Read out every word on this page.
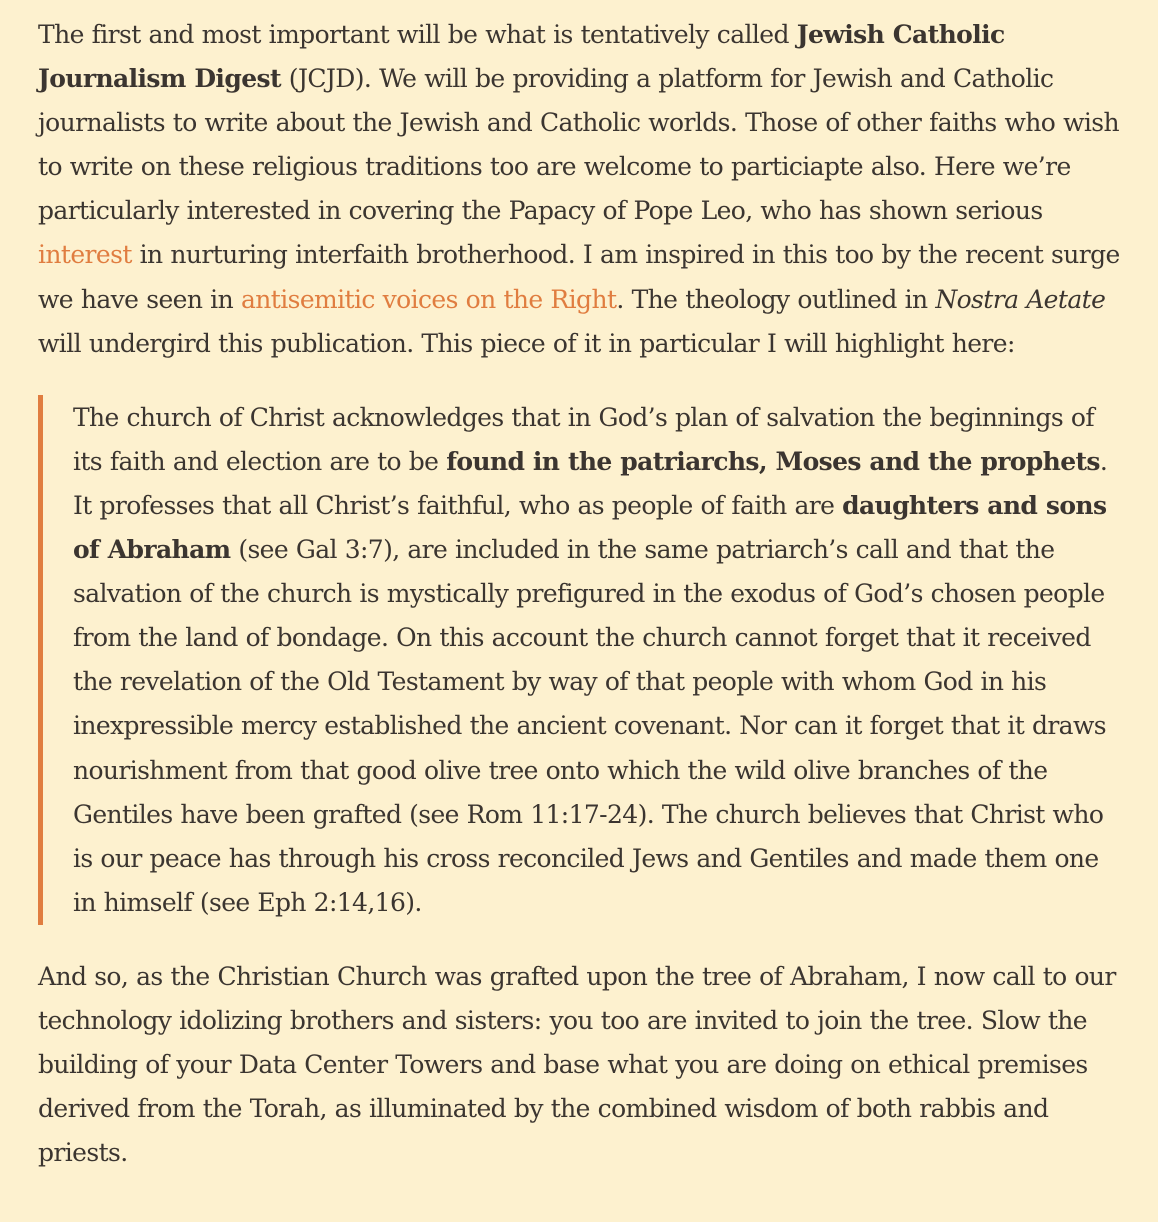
The first and most important will be what is tentatively called Jewish Catholic Journalism Digest (JCJD). We will be providing a platform for Jewish and Catholic journalists to write about the Jewish and Catholic worlds. Those of other faiths who wish to write on these religious traditions too are welcome to particiapte also. Here we’re particularly interested in covering the Papacy of Pope Leo, who has shown serious interest in nurturing interfaith brotherhood. I am inspired in this too by the recent surge we have seen in antisemitic voices on the Right. The theology outlined in Nostra Aetate will undergird this publication. This piece of it in particular I will highlight here:

The church of Christ acknowledges that in God’s plan of salvation the beginnings of its faith and election are to be found in the patriarchs, Moses and the prophets. It professes that all Christ’s faithful, who as people of faith are daughters and sons of Abraham (see Gal 3:7), are included in the same patriarch’s call and that the salvation of the church is mystically prefigured in the exodus of God’s chosen people from the land of bondage. On this account the church cannot forget that it received the revelation of the Old Testament by way of that people with whom God in his inexpressible mercy established the ancient covenant. Nor can it forget that it draws nourishment from that good olive tree onto which the wild olive branches of the Gentiles have been grafted (see Rom 11:17-24). The church believes that Christ who is our peace has through his cross reconciled Jews and Gentiles and made them one in himself (see Eph 2:14,16).

And so, as the Christian Church was grafted upon the tree of Abraham, I now call to our technology idolizing brothers and sisters: you too are invited to join the tree. Slow the building of your Data Center Towers and base what you are doing on ethical premises derived from the Torah, as illuminated by the combined wisdom of both rabbis and priests.
